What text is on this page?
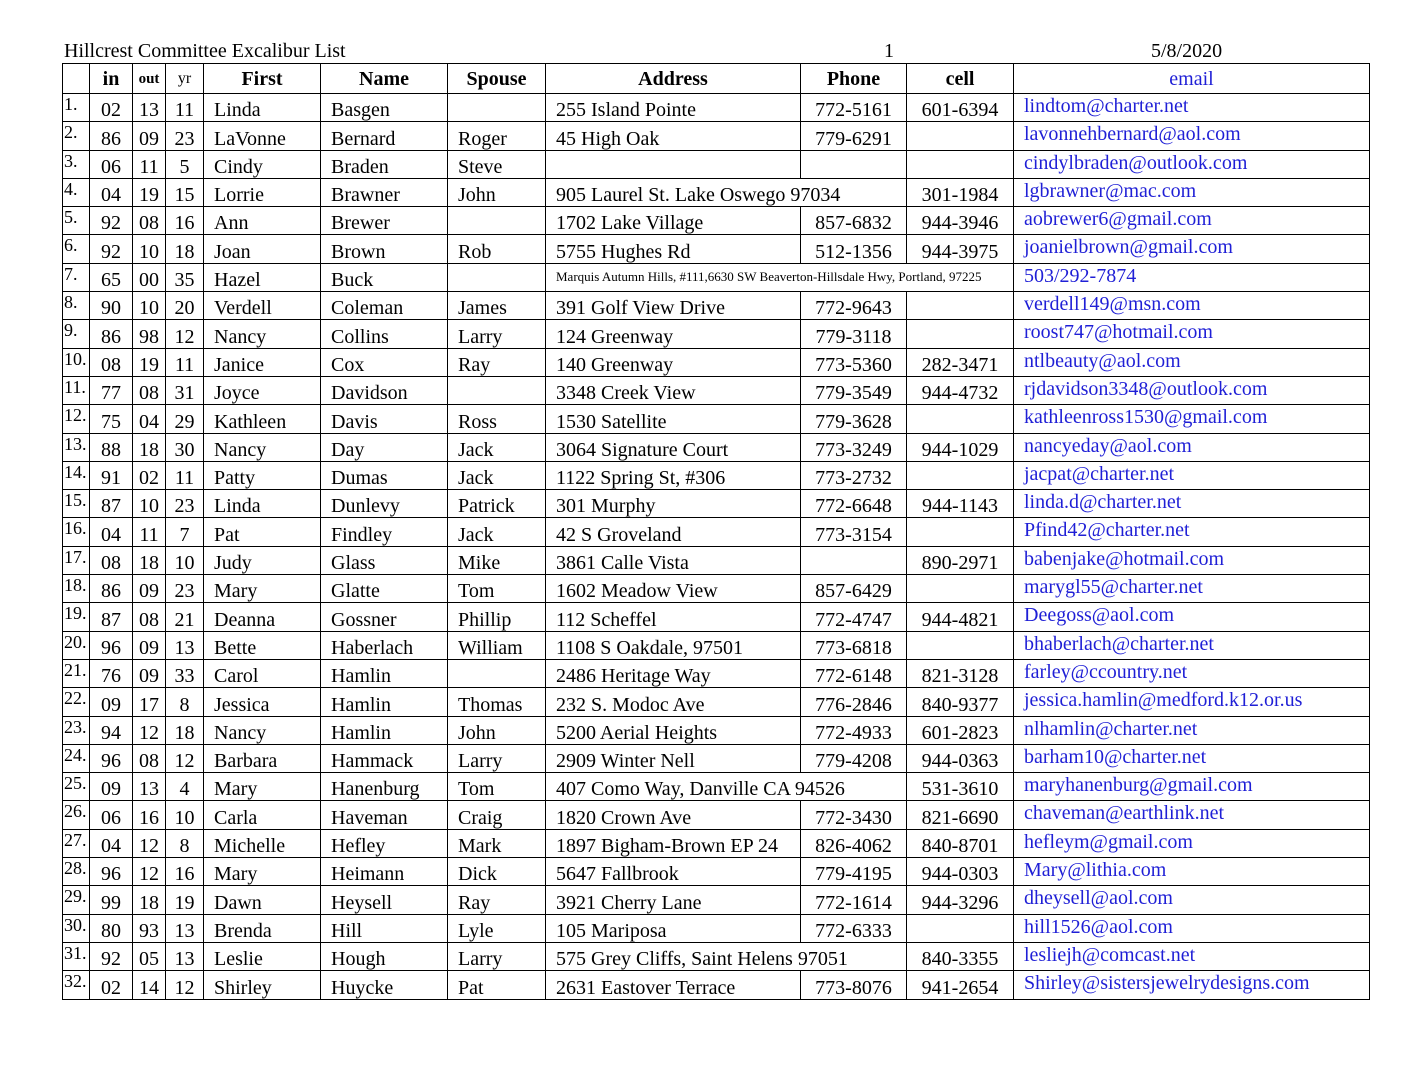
Hillcrest Committee Excalibur List	1	5/8/2020
	in	out	yr	First	Name	Spouse	Address	Phone	cell	email
1.	02	13	11	Linda	Basgen		255 Island Pointe	772-5161	601-6394	lindtom@charter.net
2.	86	09	23	LaVonne	Bernard	Roger	45 High Oak	779-6291		lavonnehbernard@aol.com
3.	06	11	5	Cindy	Braden	Steve				cindylbraden@outlook.com
4.	04	19	15	Lorrie	Brawner	John	905 Laurel St. Lake Oswego 97034		301-1984	lgbrawner@mac.com
5.	92	08	16	Ann	Brewer		1702 Lake Village	857-6832	944-3946	aobrewer6@gmail.com
6.	92	10	18	Joan	Brown	Rob	5755 Hughes Rd	512-1356	944-3975	joanielbrown@gmail.com
7.	65	00	35	Hazel	Buck		Marquis Autumn Hills, #111,6630 SW Beaverton-Hillsdale Hwy, Portland, 97225			503/292-7874
8.	90	10	20	Verdell	Coleman	James	391 Golf View Drive	772-9643		verdell149@msn.com
9.	86	98	12	Nancy	Collins	Larry	124 Greenway	779-3118		roost747@hotmail.com
10.	08	19	11	Janice	Cox	Ray	140 Greenway	773-5360	282-3471	ntlbeauty@aol.com
11.	77	08	31	Joyce	Davidson		3348 Creek View	779-3549	944-4732	rjdavidson3348@outlook.com
12.	75	04	29	Kathleen	Davis	Ross	1530 Satellite	779-3628		kathleenross1530@gmail.com
13.	88	18	30	Nancy	Day	Jack	3064 Signature Court	773-3249	944-1029	nancyeday@aol.com
14.	91	02	11	Patty	Dumas	Jack	1122 Spring St, #306	773-2732		jacpat@charter.net
15.	87	10	23	Linda	Dunlevy	Patrick	301 Murphy	772-6648	944-1143	linda.d@charter.net
16.	04	11	7	Pat	Findley	Jack	42 S Groveland	773-3154		Pfind42@charter.net
17.	08	18	10	Judy	Glass	Mike	3861 Calle Vista		890-2971	babenjake@hotmail.com
18.	86	09	23	Mary	Glatte	Tom	1602 Meadow View	857-6429		marygl55@charter.net
19.	87	08	21	Deanna	Gossner	Phillip	112 Scheffel	772-4747	944-4821	Deegoss@aol.com
20.	96	09	13	Bette	Haberlach	William	1108 S Oakdale, 97501	773-6818		bhaberlach@charter.net
21.	76	09	33	Carol	Hamlin		2486 Heritage Way	772-6148	821-3128	farley@ccountry.net
22.	09	17	8	Jessica	Hamlin	Thomas	232 S. Modoc Ave	776-2846	840-9377	jessica.hamlin@medford.k12.or.us
23.	94	12	18	Nancy	Hamlin	John	5200 Aerial Heights	772-4933	601-2823	nlhamlin@charter.net
24.	96	08	12	Barbara	Hammack	Larry	2909 Winter Nell	779-4208	944-0363	barham10@charter.net
25.	09	13	4	Mary	Hanenburg	Tom	407 Como Way, Danville CA 94526		531-3610	maryhanenburg@gmail.com
26.	06	16	10	Carla	Haveman	Craig	1820 Crown Ave	772-3430	821-6690	chaveman@earthlink.net
27.	04	12	8	Michelle	Hefley	Mark	1897 Bigham-Brown EP 24	826-4062	840-8701	hefleym@gmail.com
28.	96	12	16	Mary	Heimann	Dick	5647 Fallbrook	779-4195	944-0303	Mary@lithia.com
29.	99	18	19	Dawn	Heysell	Ray	3921 Cherry Lane	772-1614	944-3296	dheysell@aol.com
30.	80	93	13	Brenda	Hill	Lyle	105 Mariposa	772-6333		hill1526@aol.com
31.	92	05	13	Leslie	Hough	Larry	575 Grey Cliffs, Saint Helens 97051		840-3355	lesliejh@comcast.net
32.	02	14	12	Shirley	Huycke	Pat	2631 Eastover Terrace	773-8076	941-2654	Shirley@sistersjewelrydesigns.com
